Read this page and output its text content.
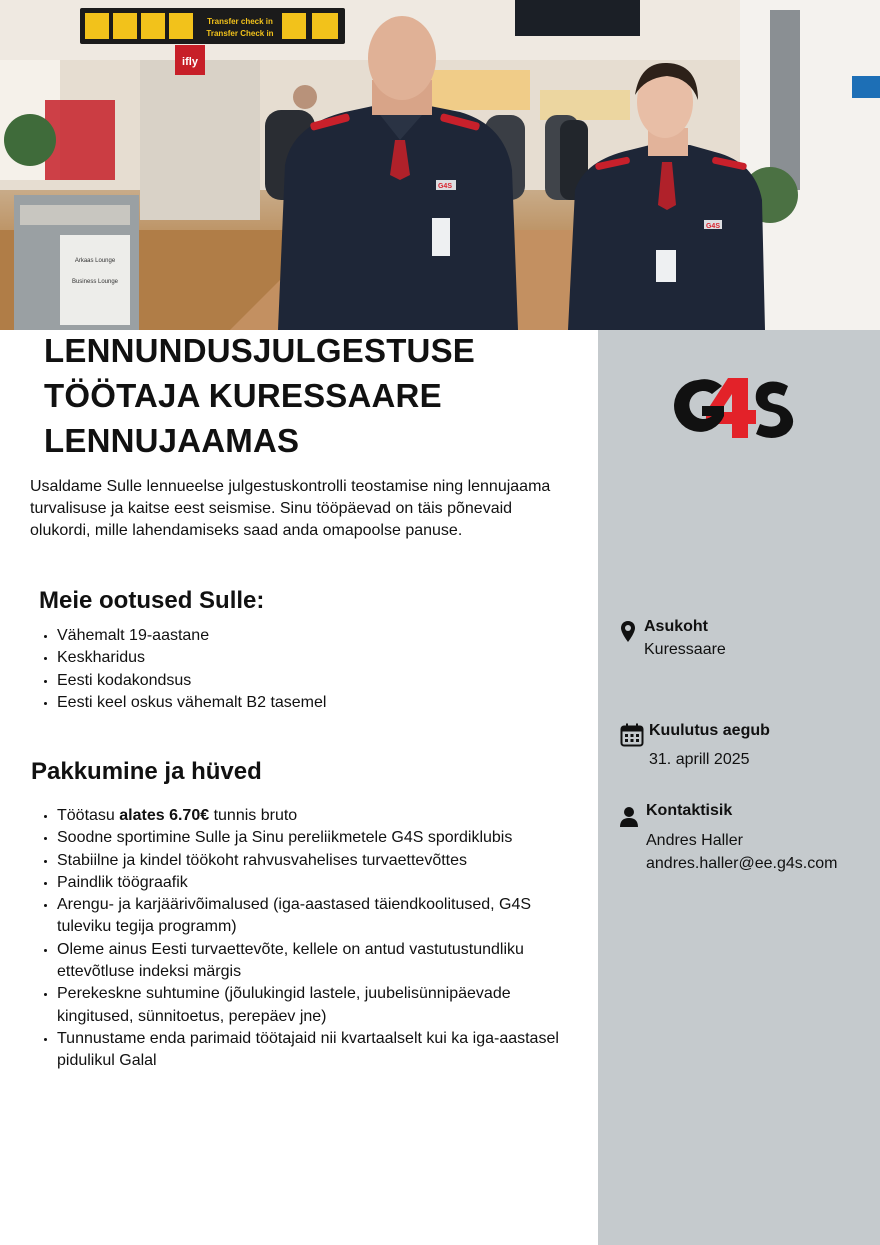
ifly
Transfer check in
Transfer Check in
Arkaas Lounge
Business Lounge
G4S
G4S
Asukoht
Kuressaare
Kuulutus aegub
31. aprill 2025
Kontaktisik
Andres Haller
andres.haller@ee.g4s.com
LENNUNDUSJULGESTUSE
TÖÖTAJA KURESSAARE
LENNUJAAMAS

Usaldame Sulle lennueelse julgestuskontrolli teostamise ning lennujaama turvalisuse ja kaitse eest seismise. Sinu tööpäevad on täis põnevaid olukordi, mille lahendamiseks saad anda omapoolse panuse.

Meie ootused Sulle:
• Vähemalt 19-aastane
• Keskharidus
• Eesti kodakondsus
• Eesti keel oskus vähemalt B2 tasemel
Pakkumine ja hüved
• Töötasu alates 6.70€ tunnis bruto
• Soodne sportimine Sulle ja Sinu pereliikmetele G4S spordiklubis
• Stabiilne ja kindel töökoht rahvusvahelises turvaettevõttes
• Paindlik töögraafik
• Arengu- ja karjäärivõimalused (iga-aastased täiendkoolitused, G4S tuleviku tegija programm)
• Oleme ainus Eesti turvaettevõte, kellele on antud vastutustundliku ettevõtluse indeksi märgis
• Perekeskne suhtumine (jõulukingid lastele, juubelisünnipäevade kingitused, sünnitoetus, perepäev jne)
• Tunnustame enda parimaid töötajaid nii kvartaalselt kui ka iga-aastasel pidulikul Galal
